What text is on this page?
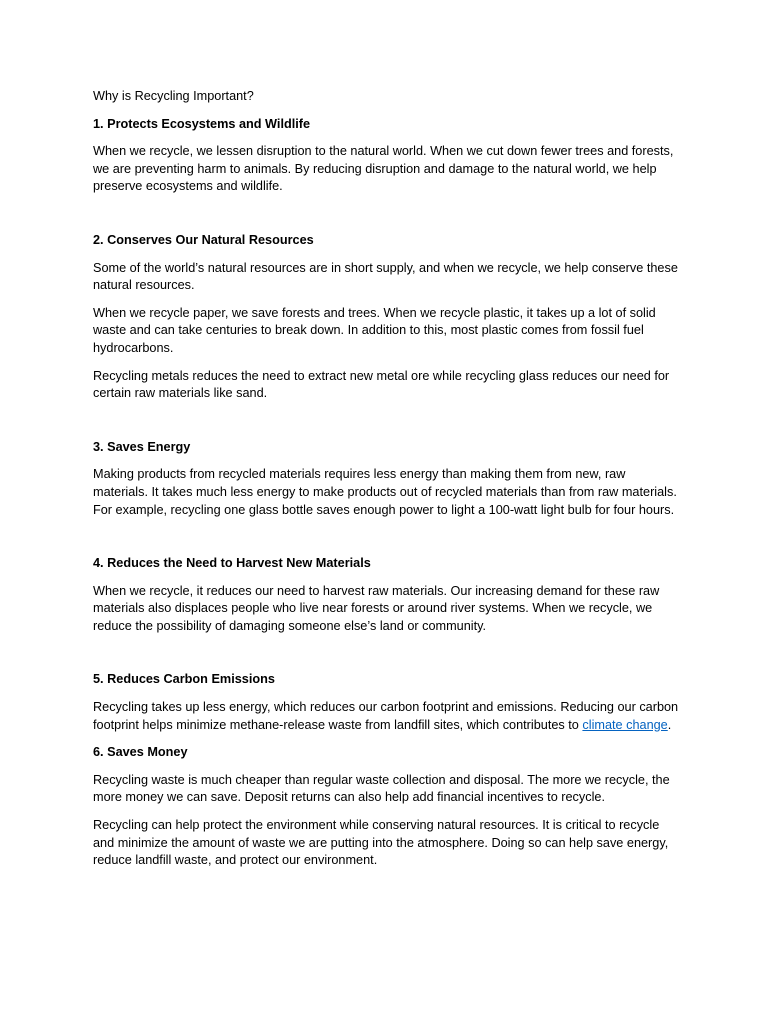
Why is Recycling Important?

1. Protects Ecosystems and Wildlife

When we recycle, we lessen disruption to the natural world. When we cut down fewer trees and forests, we are preventing harm to animals. By reducing disruption and damage to the natural world, we help preserve ecosystems and wildlife.

2. Conserves Our Natural Resources

Some of the world’s natural resources are in short supply, and when we recycle, we help conserve these natural resources.

When we recycle paper, we save forests and trees. When we recycle plastic, it takes up a lot of solid waste and can take centuries to break down. In addition to this, most plastic comes from fossil fuel hydrocarbons.

Recycling metals reduces the need to extract new metal ore while recycling glass reduces our need for certain raw materials like sand.

3. Saves Energy

Making products from recycled materials requires less energy than making them from new, raw materials. It takes much less energy to make products out of recycled materials than from raw materials. For example, recycling one glass bottle saves enough power to light a 100-watt light bulb for four hours.

4. Reduces the Need to Harvest New Materials

When we recycle, it reduces our need to harvest raw materials. Our increasing demand for these raw materials also displaces people who live near forests or around river systems. When we recycle, we reduce the possibility of damaging someone else’s land or community.

5. Reduces Carbon Emissions

Recycling takes up less energy, which reduces our carbon footprint and emissions. Reducing our carbon footprint helps minimize methane-release waste from landfill sites, which contributes to climate change.

6. Saves Money

Recycling waste is much cheaper than regular waste collection and disposal. The more we recycle, the more money we can save. Deposit returns can also help add financial incentives to recycle.

Recycling can help protect the environment while conserving natural resources. It is critical to recycle and minimize the amount of waste we are putting into the atmosphere. Doing so can help save energy, reduce landfill waste, and protect our environment.
